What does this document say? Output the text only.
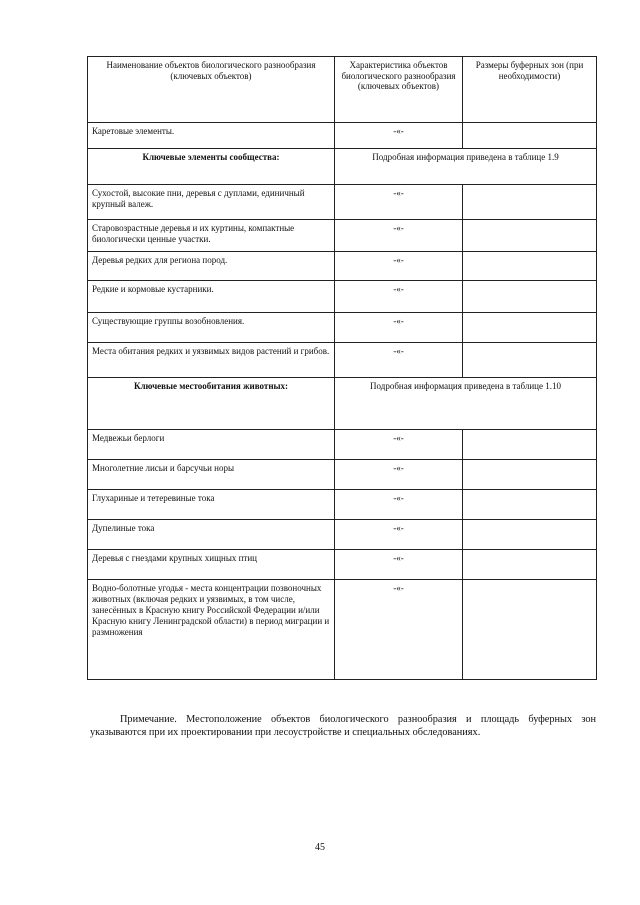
Наименование объектов биологического разнообразия (ключевых объектов)	Характеристика объектов биологического разнообразия (ключевых объектов)	Размеры буферных зон (при необходимости)
Каретовые элементы.	-«-	
Ключевые элементы сообщества:	Подробная информация приведена в таблице 1.9	
Сухостой, высокие пни, деревья с дуплами, единичный крупный валеж.	-«-	
Старовозрастные деревья и их куртины, компактные биологически ценные участки.	-«-	
Деревья редких для региона пород.	-«-	
Редкие и кормовые кустарники.	-«-	
Существующие группы возобновления.	-«-	
Места обитания редких и уязвимых видов растений и грибов.	-«-	
Ключевые местообитания животных:	Подробная информация приведена в таблице 1.10	
Медвежьи берлоги	-«-	
Многолетние лисьи и барсучьи норы	-«-	
Глухариные и тетеревиные тока	-«-	
Дупелиные тока	-«-	
Деревья с гнездами крупных хищных птиц	-«-	
Водно-болотные угодья - места концентрации позвоночных животных (включая редких и уязвимых, в том числе, занесённых в Красную книгу Российской Федерации и/или Красную книгу Ленинградской области) в период миграции и размножения	-«-	
Примечание. Местоположение объектов биологического разнообразия и площадь буферных зон указываются при их проектировании при лесоустройстве и специальных обследованиях.
45
